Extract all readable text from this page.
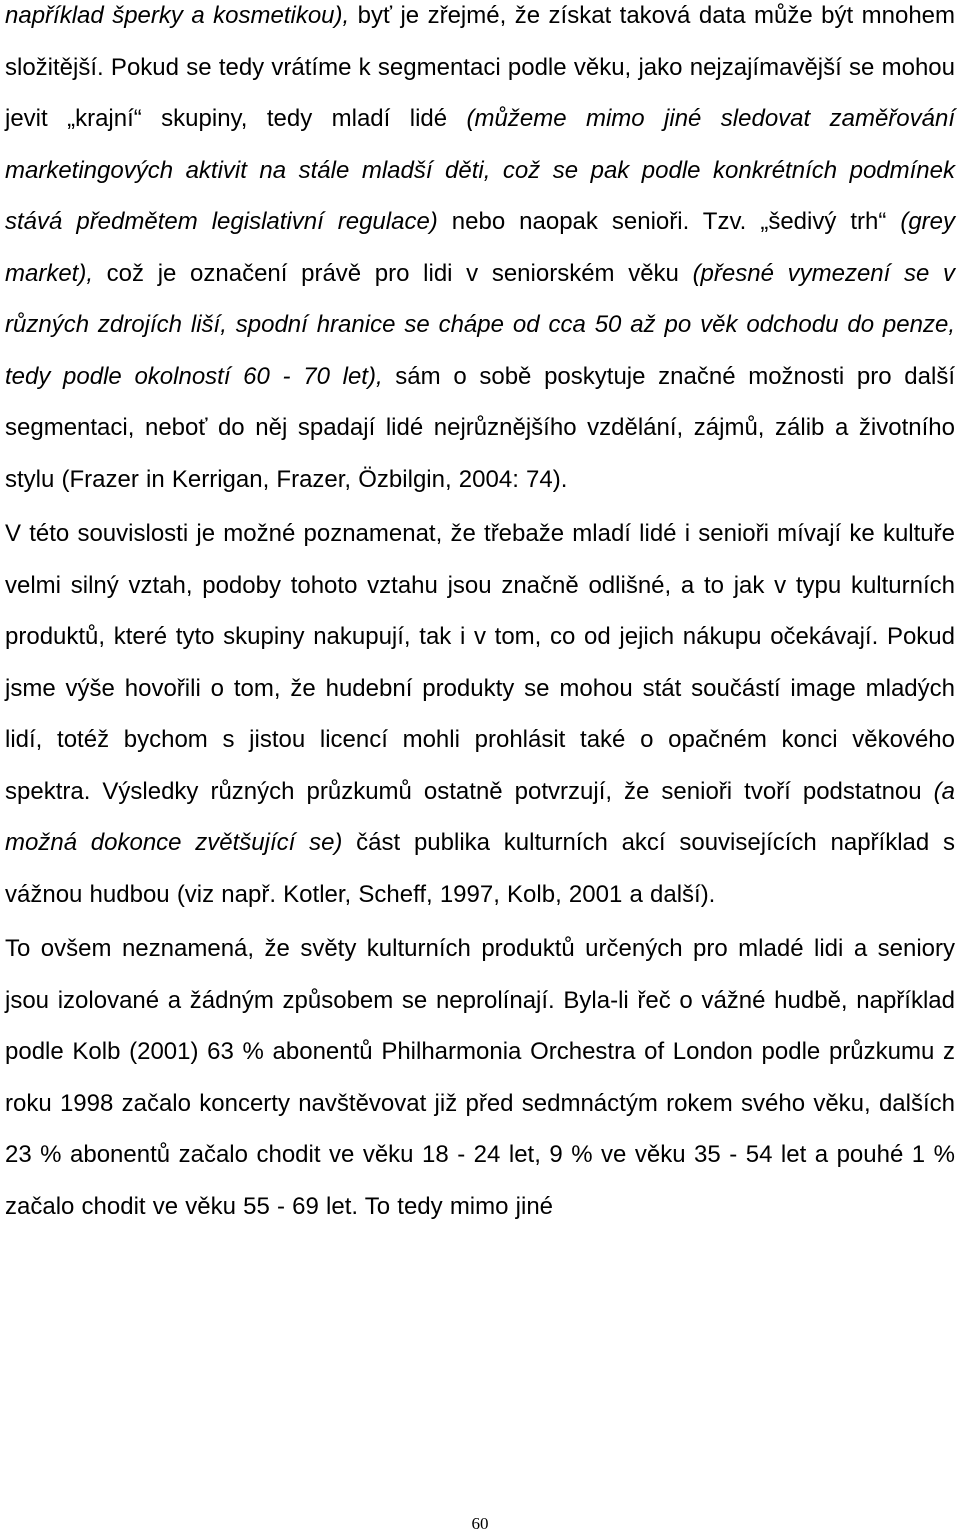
například šperky a kosmetikou), byť je zřejmé, že získat taková data může být mnohem složitější. Pokud se tedy vrátíme k segmentaci podle věku, jako nejzajímavější se mohou jevit „krajní“ skupiny, tedy mladí lidé (můžeme mimo jiné sledovat zaměřování marketingových aktivit na stále mladší děti, což se pak podle konkrétních podmínek stává předmětem legislativní regulace) nebo naopak senioři. Tzv. „šedivý trh“ (grey market), což je označení právě pro lidi v seniorském věku (přesné vymezení se v různých zdrojích liší, spodní hranice se chápe od cca 50 až po věk odchodu do penze, tedy podle okolností 60 - 70 let), sám o sobě poskytuje značné možnosti pro další segmentaci, neboť do něj spadají lidé nejrůznějšího vzdělání, zájmů, zálib a životního stylu (Frazer in Kerrigan, Frazer, Özbilgin, 2004: 74).

V této souvislosti je možné poznamenat, že třebaže mladí lidé i senioři mívají ke kultuře velmi silný vztah, podoby tohoto vztahu jsou značně odlišné, a to jak v typu kulturních produktů, které tyto skupiny nakupují, tak i v tom, co od jejich nákupu očekávají. Pokud jsme výše hovořili o tom, že hudební produkty se mohou stát součástí image mladých lidí, totéž bychom s jistou licencí mohli prohlásit také o opačném konci věkového spektra. Výsledky různých průzkumů ostatně potvrzují, že senioři tvoří podstatnou (a možná dokonce zvětšující se) část publika kulturních akcí souvisejících například s vážnou hudbou (viz např. Kotler, Scheff, 1997, Kolb, 2001 a další).

To ovšem neznamená, že světy kulturních produktů určených pro mladé lidi a seniory jsou izolované a žádným způsobem se neprolínají. Byla-li řeč o vážné hudbě, například podle Kolb (2001) 63 % abonentů Philharmonia Orchestra of London podle průzkumu z roku 1998 začalo koncerty navštěvovat již před sedmnáctým rokem svého věku, dalších 23 % abonentů začalo chodit ve věku 18 - 24 let, 9 % ve věku 35 - 54 let a pouhé 1 % začalo chodit ve věku 55 - 69 let. To tedy mimo jiné

60
